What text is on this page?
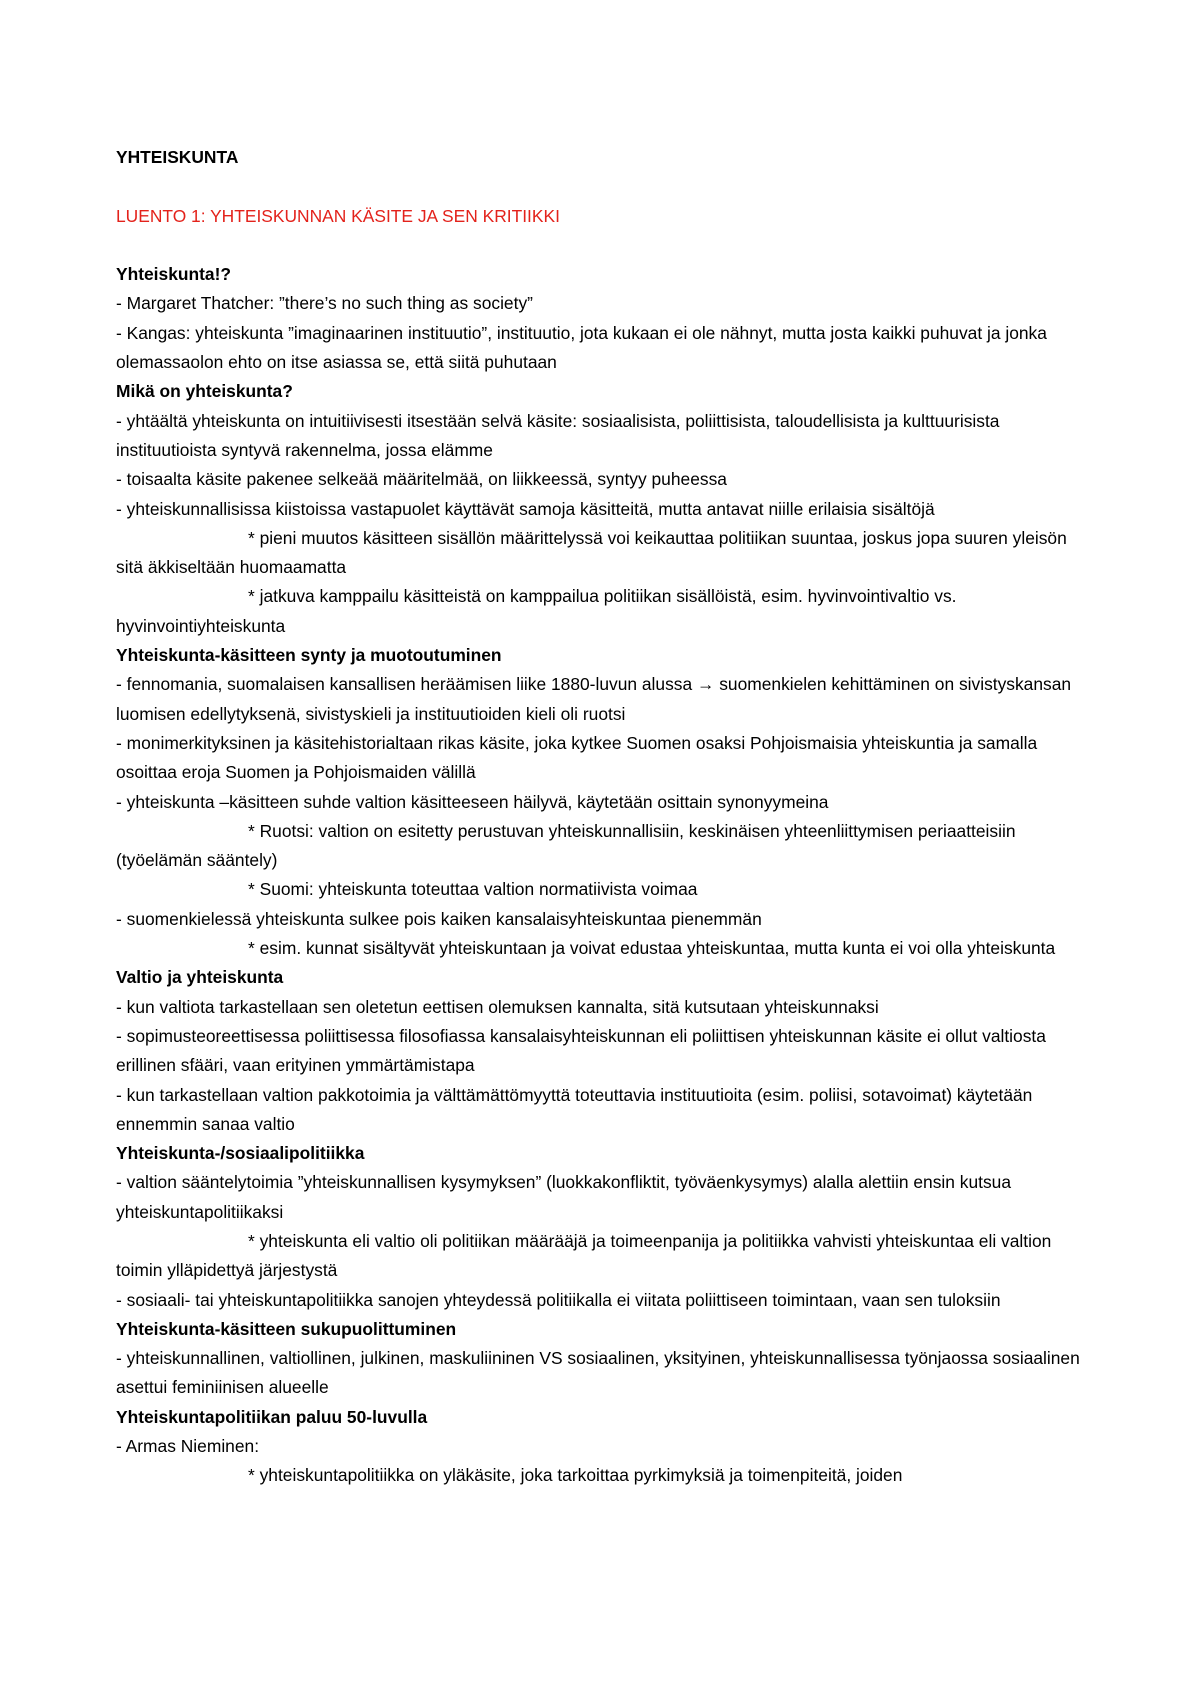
YHTEISKUNTA

LUENTO 1: YHTEISKUNNAN KÄSITE JA SEN KRITIIKKI

Yhteiskunta!?

- Margaret Thatcher: ”there’s no such thing as society”

- Kangas: yhteiskunta ”imaginaarinen instituutio”, instituutio, jota kukaan ei ole nähnyt, mutta josta kaikki puhuvat ja jonka olemassaolon ehto on itse asiassa se, että siitä puhutaan

Mikä on yhteiskunta?

- yhtäältä yhteiskunta on intuitiivisesti itsestään selvä käsite: sosiaalisista, poliittisista, taloudellisista ja kulttuurisista instituutioista syntyvä rakennelma, jossa elämme

- toisaalta käsite pakenee selkeää määritelmää, on liikkeessä, syntyy puheessa

- yhteiskunnallisissa kiistoissa vastapuolet käyttävät samoja käsitteitä, mutta antavat niille erilaisia sisältöjä

* pieni muutos käsitteen sisällön määrittelyssä voi keikauttaa politiikan suuntaa, joskus jopa suuren yleisön sitä äkkiseltään huomaamatta

* jatkuva kamppailu käsitteistä on kamppailua politiikan sisällöistä, esim. hyvinvointivaltio vs. hyvinvointiyhteiskunta

Yhteiskunta-käsitteen synty ja muotoutuminen

- fennomania, suomalaisen kansallisen heräämisen liike 1880-luvun alussa → suomenkielen kehittäminen on sivistyskansan luomisen edellytyksenä, sivistyskieli ja instituutioiden kieli oli ruotsi

- monimerkityksinen ja käsitehistorialtaan rikas käsite, joka kytkee Suomen osaksi Pohjoismaisia yhteiskuntia ja samalla osoittaa eroja Suomen ja Pohjoismaiden välillä

- yhteiskunta –käsitteen suhde valtion käsitteeseen häilyvä, käytetään osittain synonyymeina

* Ruotsi: valtion on esitetty perustuvan yhteiskunnallisiin, keskinäisen yhteenliittymisen periaatteisiin (työelämän sääntely)

* Suomi: yhteiskunta toteuttaa valtion normatiivista voimaa

- suomenkielessä yhteiskunta sulkee pois kaiken kansalaisyhteiskuntaa pienemmän

* esim. kunnat sisältyvät yhteiskuntaan ja voivat edustaa yhteiskuntaa, mutta kunta ei voi olla yhteiskunta

Valtio ja yhteiskunta

- kun valtiota tarkastellaan sen oletetun eettisen olemuksen kannalta, sitä kutsutaan yhteiskunnaksi

- sopimusteoreettisessa poliittisessa filosofiassa kansalaisyhteiskunnan eli poliittisen yhteiskunnan käsite ei ollut valtiosta erillinen sfääri, vaan erityinen ymmärtämistapa

- kun tarkastellaan valtion pakkotoimia ja välttämättömyyttä toteuttavia instituutioita (esim. poliisi, sotavoimat) käytetään ennemmin sanaa valtio

Yhteiskunta-/sosiaalipolitiikka

- valtion sääntelytoimia ”yhteiskunnallisen kysymyksen” (luokkakonfliktit, työväenkysymys) alalla alettiin ensin kutsua yhteiskuntapolitiikaksi

* yhteiskunta eli valtio oli politiikan määrääjä ja toimeenpanija ja politiikka vahvisti yhteiskuntaa eli valtion toimin ylläpidettyä järjestystä

- sosiaali- tai yhteiskuntapolitiikka sanojen yhteydessä politiikalla ei viitata poliittiseen toimintaan, vaan sen tuloksiin

Yhteiskunta-käsitteen sukupuolittuminen

- yhteiskunnallinen, valtiollinen, julkinen, maskuliininen VS sosiaalinen, yksityinen, yhteiskunnallisessa työnjaossa sosiaalinen asettui feminiinisen alueelle

Yhteiskuntapolitiikan paluu 50-luvulla

- Armas Nieminen:

* yhteiskuntapolitiikka on yläkäsite, joka tarkoittaa pyrkimyksiä ja toimenpiteitä, joiden
